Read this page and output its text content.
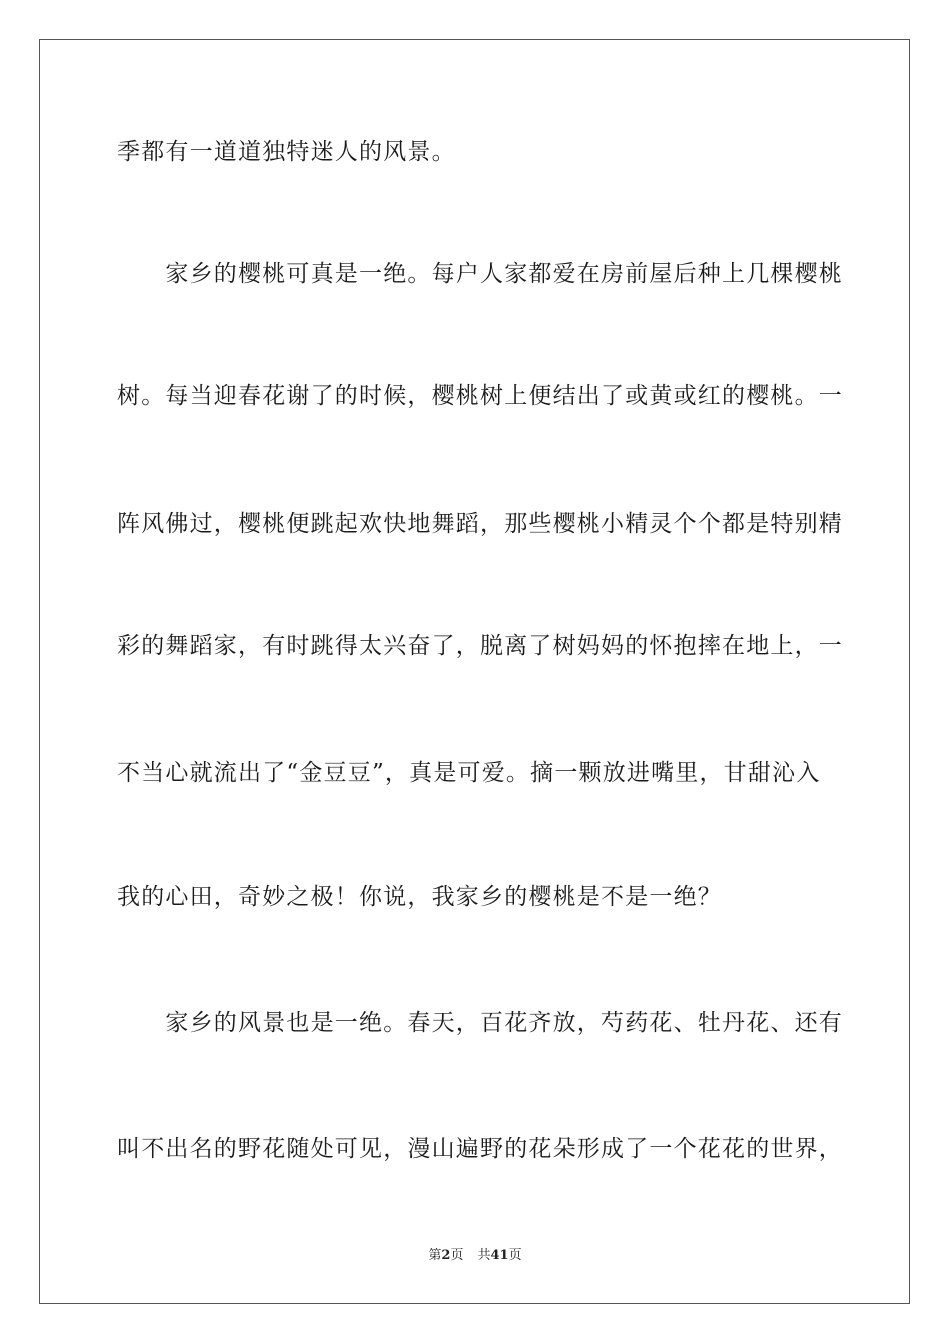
季都有一道道独特迷人的风景。
　　家乡的樱桃可真是一绝。每户人家都爱在房前屋后种上几棵樱桃
树。每当迎春花谢了的时候，樱桃树上便结出了或黄或红的樱桃。一
阵风佛过，樱桃便跳起欢快地舞蹈，那些樱桃小精灵个个都是特别精
彩的舞蹈家，有时跳得太兴奋了，脱离了树妈妈的怀抱摔在地上，一
不当心就流出了“金豆豆”，真是可爱。摘一颗放进嘴里，甘甜沁入
我的心田，奇妙之极！你说，我家乡的樱桃是不是一绝？
　　家乡的风景也是一绝。春天，百花齐放，芍药花、牡丹花、还有
叫不出名的野花随处可见，漫山遍野的花朵形成了一个花花的世界，
第2页 共41页
